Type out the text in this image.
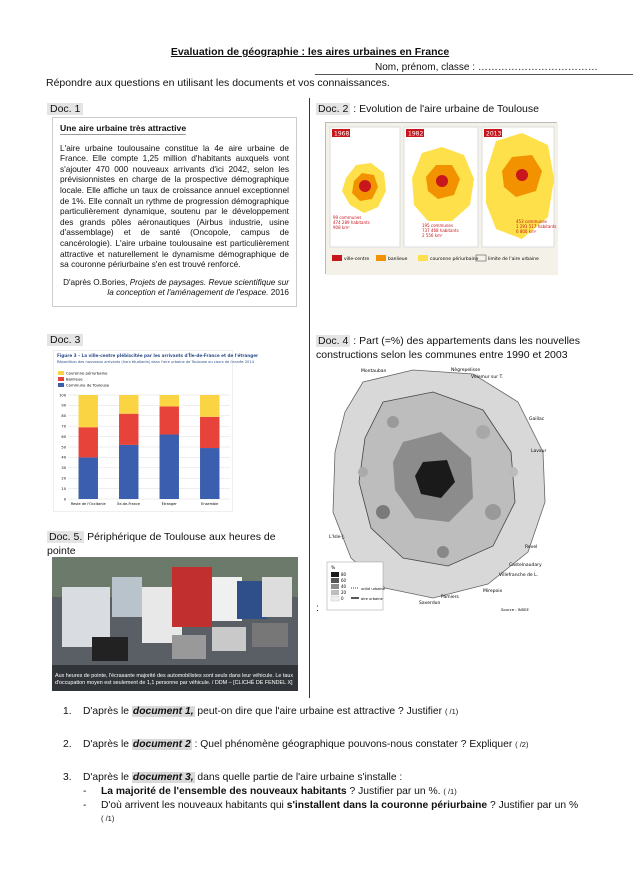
Evaluation de géographie : les aires urbaines en France
Nom, prénom, classe : ………………………………
Répondre aux questions en utilisant les documents et vos connaissances.
Doc. 1
Une aire urbaine très attractive
L'aire urbaine toulousaine constitue la 4e aire urbaine de France. Elle compte 1,25 million d'habitants auxquels vont s'ajouter 470 000 nouveaux arrivants d'ici 2042, selon les prévisionnistes en charge de la prospective démographique locale. Elle affiche un taux de croissance annuel exceptionnel de 1%. Elle connaît un rythme de progression démographique particulièrement dynamique, soutenu par le développement des grands pôles aéronautiques (Airbus industrie, usine d'assemblage) et de santé (Oncopole, campus de cancérologie). L'aire urbaine toulousaine est particulièrement attractive et naturellement le dynamisme démographique de sa couronne périurbaine s'en est trouvé renforcé.
D'après O.Bories, Projets de paysages. Revue scientifique sur la conception et l'aménagement de l'espace. 2016
Doc. 2 : Evolution de l'aire urbaine de Toulouse
1968
99 communes
474 289 habitants
908 km²
1982
195 communes
737 468 habitants
2 556 km²
2013
453 communes
1 291 517 habitants
6 800 km²
ville-centre	banlieue	couronne périurbaine limite de l'aire urbaine
Doc. 3
Figure 3 – La ville-centre plébiscitée par les arrivants d'Île-de-France et de l'étranger
Répartition des nouveaux arrivants (hors étudiants) dans l'aire urbaine de Toulouse au cours de l'année 2014
Couronne périurbaine
Banlieue
Commune de Toulouse
0
10
20
30
40
50
60
70
80
90
100
Reste de l'Occitanie	Île-de-France	Étranger	Ensemble
Doc. 4 : Part (=%) des appartements dans les nouvelles constructions selon les communes entre 1990 et 2003
Montauban	Nègrepelisse
Villemur sur T.
Gaillac
Lavaur
L'Isle-J.
Revel
Castelnaudary
Villefranche de L.
Mirepoix
Pamiers
Saverdun
%
80
60
40
20
0
unité urbaine
aire urbaine
Source : INSEE
:
Doc. 5. Périphérique de Toulouse aux heures de pointe
Aux heures de pointe, l'écrasante majorité des automobilistes sont seuls dans leur véhicule. Le taux d'occupation moyen est seulement de 1,1 personne par véhicule. / DDM – [CLICHÉ DE FENDEL X]
1. D'après le document 1, peut-on dire que l'aire urbaine est attractive ? Justifier ( /1)
2. D'après le document 2 : Quel phénomène géographique pouvons-nous constater ? Expliquer ( /2)
3. D'après le document 3, dans quelle partie de l'aire urbaine s'installe :
- La majorité de l'ensemble des nouveaux habitants ? Justifier par un %. ( /1)
- D'où arrivent les nouveaux habitants qui s'installent dans la couronne périurbaine ? Justifier par un % ( /1)
